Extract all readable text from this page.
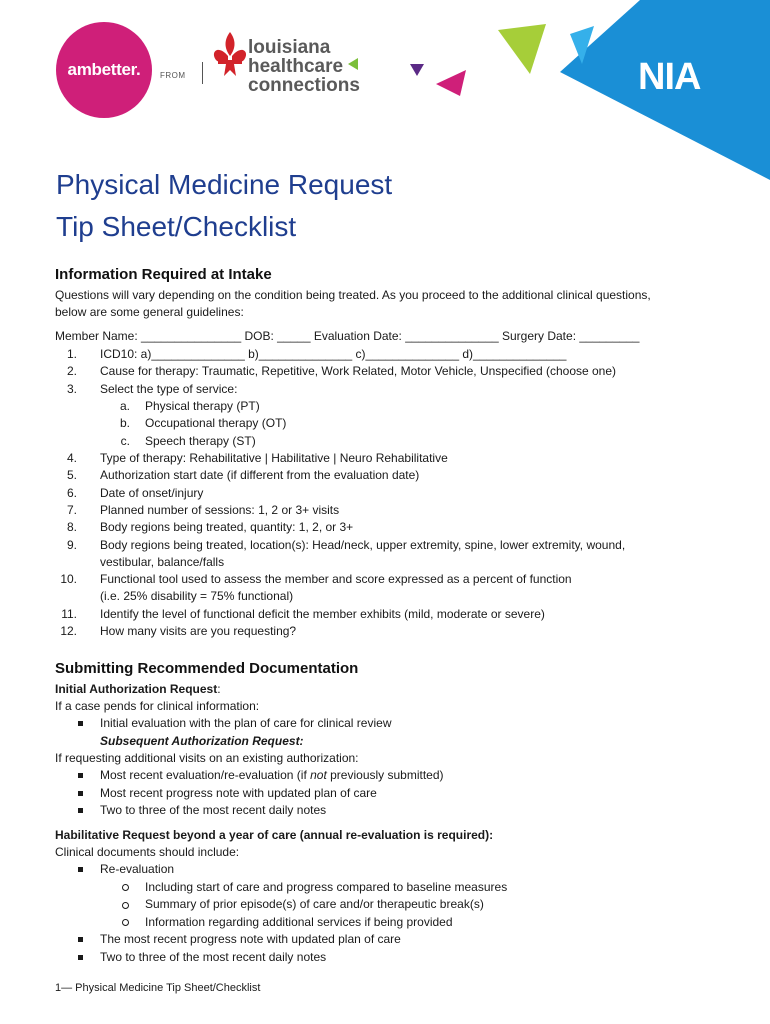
ambetter.	FROM
louisiana
healthcare
connections	NIA
Physical Medicine Request
Tip Sheet/Checklist
Information Required at Intake
Questions will vary depending on the condition being treated. As you proceed to the additional clinical questions,
below are some general guidelines:
Member Name: _______________ DOB: _____ Evaluation Date: ______________ Surgery Date: _________
1. ICD10: a)______________ b)______________ c)______________ d)______________
2. Cause for therapy: Traumatic, Repetitive, Work Related, Motor Vehicle, Unspecified (choose one)
3. Select the type of service:
a. Physical therapy (PT)
b. Occupational therapy (OT)
c. Speech therapy (ST)
4. Type of therapy: Rehabilitative | Habilitative | Neuro Rehabilitative
5. Authorization start date (if different from the evaluation date)
6. Date of onset/injury
7. Planned number of sessions: 1, 2 or 3+ visits
8. Body regions being treated, quantity: 1, 2, or 3+
9. Body regions being treated, location(s): Head/neck, upper extremity, spine, lower extremity, wound,
vestibular, balance/falls
10. Functional tool used to assess the member and score expressed as a percent of function
(i.e. 25% disability = 75% functional)
11. Identify the level of functional deficit the member exhibits (mild, moderate or severe)
12. How many visits are you requesting?
Submitting Recommended Documentation
Initial Authorization Request:
If a case pends for clinical information:
Initial evaluation with the plan of care for clinical review
Subsequent Authorization Request:
If requesting additional visits on an existing authorization:
Most recent evaluation/re-evaluation (if not previously submitted)
Most recent progress note with updated plan of care
Two to three of the most recent daily notes
Habilitative Request beyond a year of care (annual re-evaluation is required):
Clinical documents should include:
Re-evaluation
Including start of care and progress compared to baseline measures
Summary of prior episode(s) of care and/or therapeutic break(s)
Information regarding additional services if being provided
The most recent progress note with updated plan of care
Two to three of the most recent daily notes
1— Physical Medicine Tip Sheet/Checklist
